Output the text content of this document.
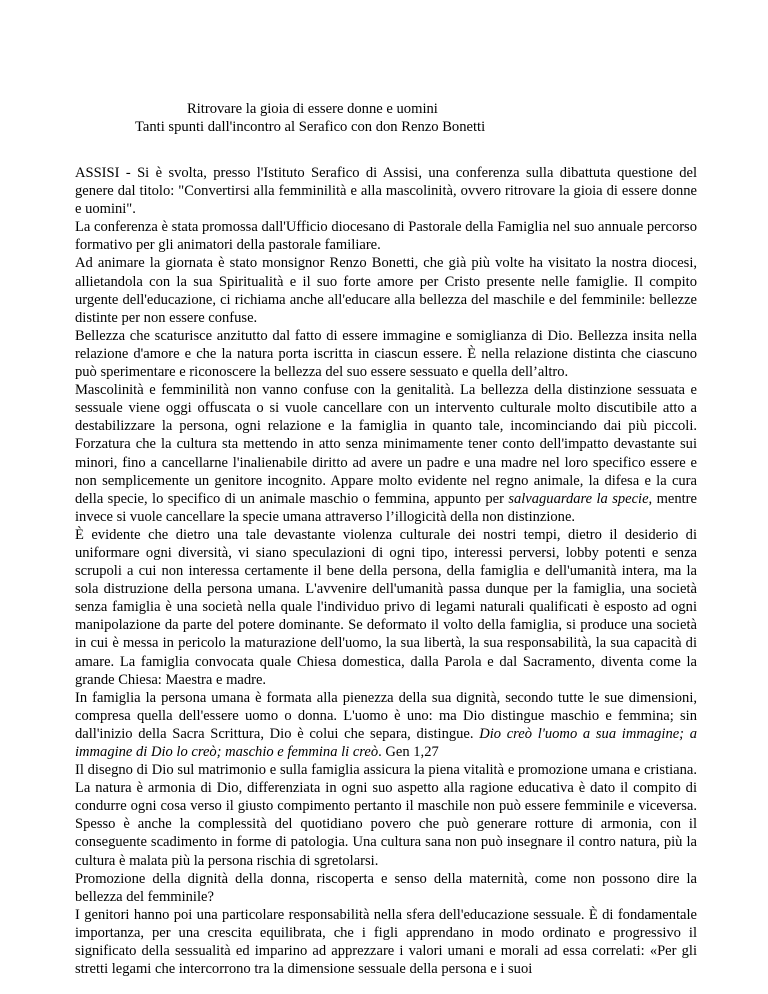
Ritrovare la gioia di essere donne e uomini
Tanti spunti dall'incontro al Serafico con don Renzo Bonetti

ASSISI - Si è svolta, presso l'Istituto Serafico di Assisi, una conferenza sulla dibattuta questione del genere dal titolo: "Convertirsi alla femminilità e alla mascolinità, ovvero ritrovare la gioia di essere donne e uomini".

La conferenza è stata promossa dall'Ufficio diocesano di Pastorale della Famiglia nel suo annuale percorso formativo per gli animatori della pastorale familiare.

Ad animare la giornata è stato monsignor Renzo Bonetti, che già più volte ha visitato la nostra diocesi, allietandola con la sua Spiritualità e il suo forte amore per Cristo presente nelle famiglie. Il compito urgente dell'educazione, ci richiama anche all'educare alla bellezza del maschile e del femminile: bellezze distinte per non essere confuse.

Bellezza che scaturisce anzitutto dal fatto di essere immagine e somiglianza di Dio. Bellezza insita nella relazione d'amore e che la natura porta iscritta in ciascun essere. È nella relazione distinta che ciascuno può sperimentare e riconoscere la bellezza del suo essere sessuato e quella dell’altro.

Mascolinità e femminilità non vanno confuse con la genitalità. La bellezza della distinzione sessuata e sessuale viene oggi offuscata o si vuole cancellare con un intervento culturale molto discutibile atto a destabilizzare la persona, ogni relazione e la famiglia in quanto tale, incominciando dai più piccoli. Forzatura che la cultura sta mettendo in atto senza minimamente tener conto dell'impatto devastante sui minori, fino a cancellarne l'inalienabile diritto ad avere un padre e una madre nel loro specifico essere e non semplicemente un genitore incognito. Appare molto evidente nel regno animale, la difesa e la cura della specie, lo specifico di un animale maschio o femmina, appunto per salvaguardare la specie, mentre invece si vuole cancellare la specie umana attraverso l’illogicità della non distinzione.

È evidente che dietro una tale devastante violenza culturale dei nostri tempi, dietro il desiderio di uniformare ogni diversità, vi siano speculazioni di ogni tipo, interessi perversi, lobby potenti e senza scrupoli a cui non interessa certamente il bene della persona, della famiglia e dell'umanità intera, ma la sola distruzione della persona umana. L'avvenire dell'umanità passa dunque per la famiglia, una società senza famiglia è una società nella quale l'individuo privo di legami naturali qualificati è esposto ad ogni manipolazione da parte del potere dominante. Se deformato il volto della famiglia, si produce una società in cui è messa in pericolo la maturazione dell'uomo, la sua libertà, la sua responsabilità, la sua capacità di amare. La famiglia convocata quale Chiesa domestica, dalla Parola e dal Sacramento, diventa come la grande Chiesa: Maestra e madre.

In famiglia la persona umana è formata alla pienezza della sua dignità, secondo tutte le sue dimensioni, compresa quella dell'essere uomo o donna. L'uomo è uno: ma Dio distingue maschio e femmina; sin dall'inizio della Sacra Scrittura, Dio è colui che separa, distingue. Dio creò l'uomo a sua immagine; a immagine di Dio lo creò; maschio e femmina li creò. Gen 1,27

Il disegno di Dio sul matrimonio e sulla famiglia assicura la piena vitalità e promozione umana e cristiana. La natura è armonia di Dio, differenziata in ogni suo aspetto alla ragione educativa è dato il compito di condurre ogni cosa verso il giusto compimento pertanto il maschile non può essere femminile e viceversa. Spesso è anche la complessità del quotidiano povero che può generare rotture di armonia, con il conseguente scadimento in forme di patologia. Una cultura sana non può insegnare il contro natura, più la cultura è malata più la persona rischia di sgretolarsi.

Promozione della dignità della donna, riscoperta e senso della maternità, come non possono dire la bellezza del femminile?

I genitori hanno poi una particolare responsabilità nella sfera dell'educazione sessuale. È di fondamentale importanza, per una crescita equilibrata, che i figli apprendano in modo ordinato e progressivo il significato della sessualità ed imparino ad apprezzare i valori umani e morali ad essa correlati: «Per gli stretti legami che intercorrono tra la dimensione sessuale della persona e i suoi
